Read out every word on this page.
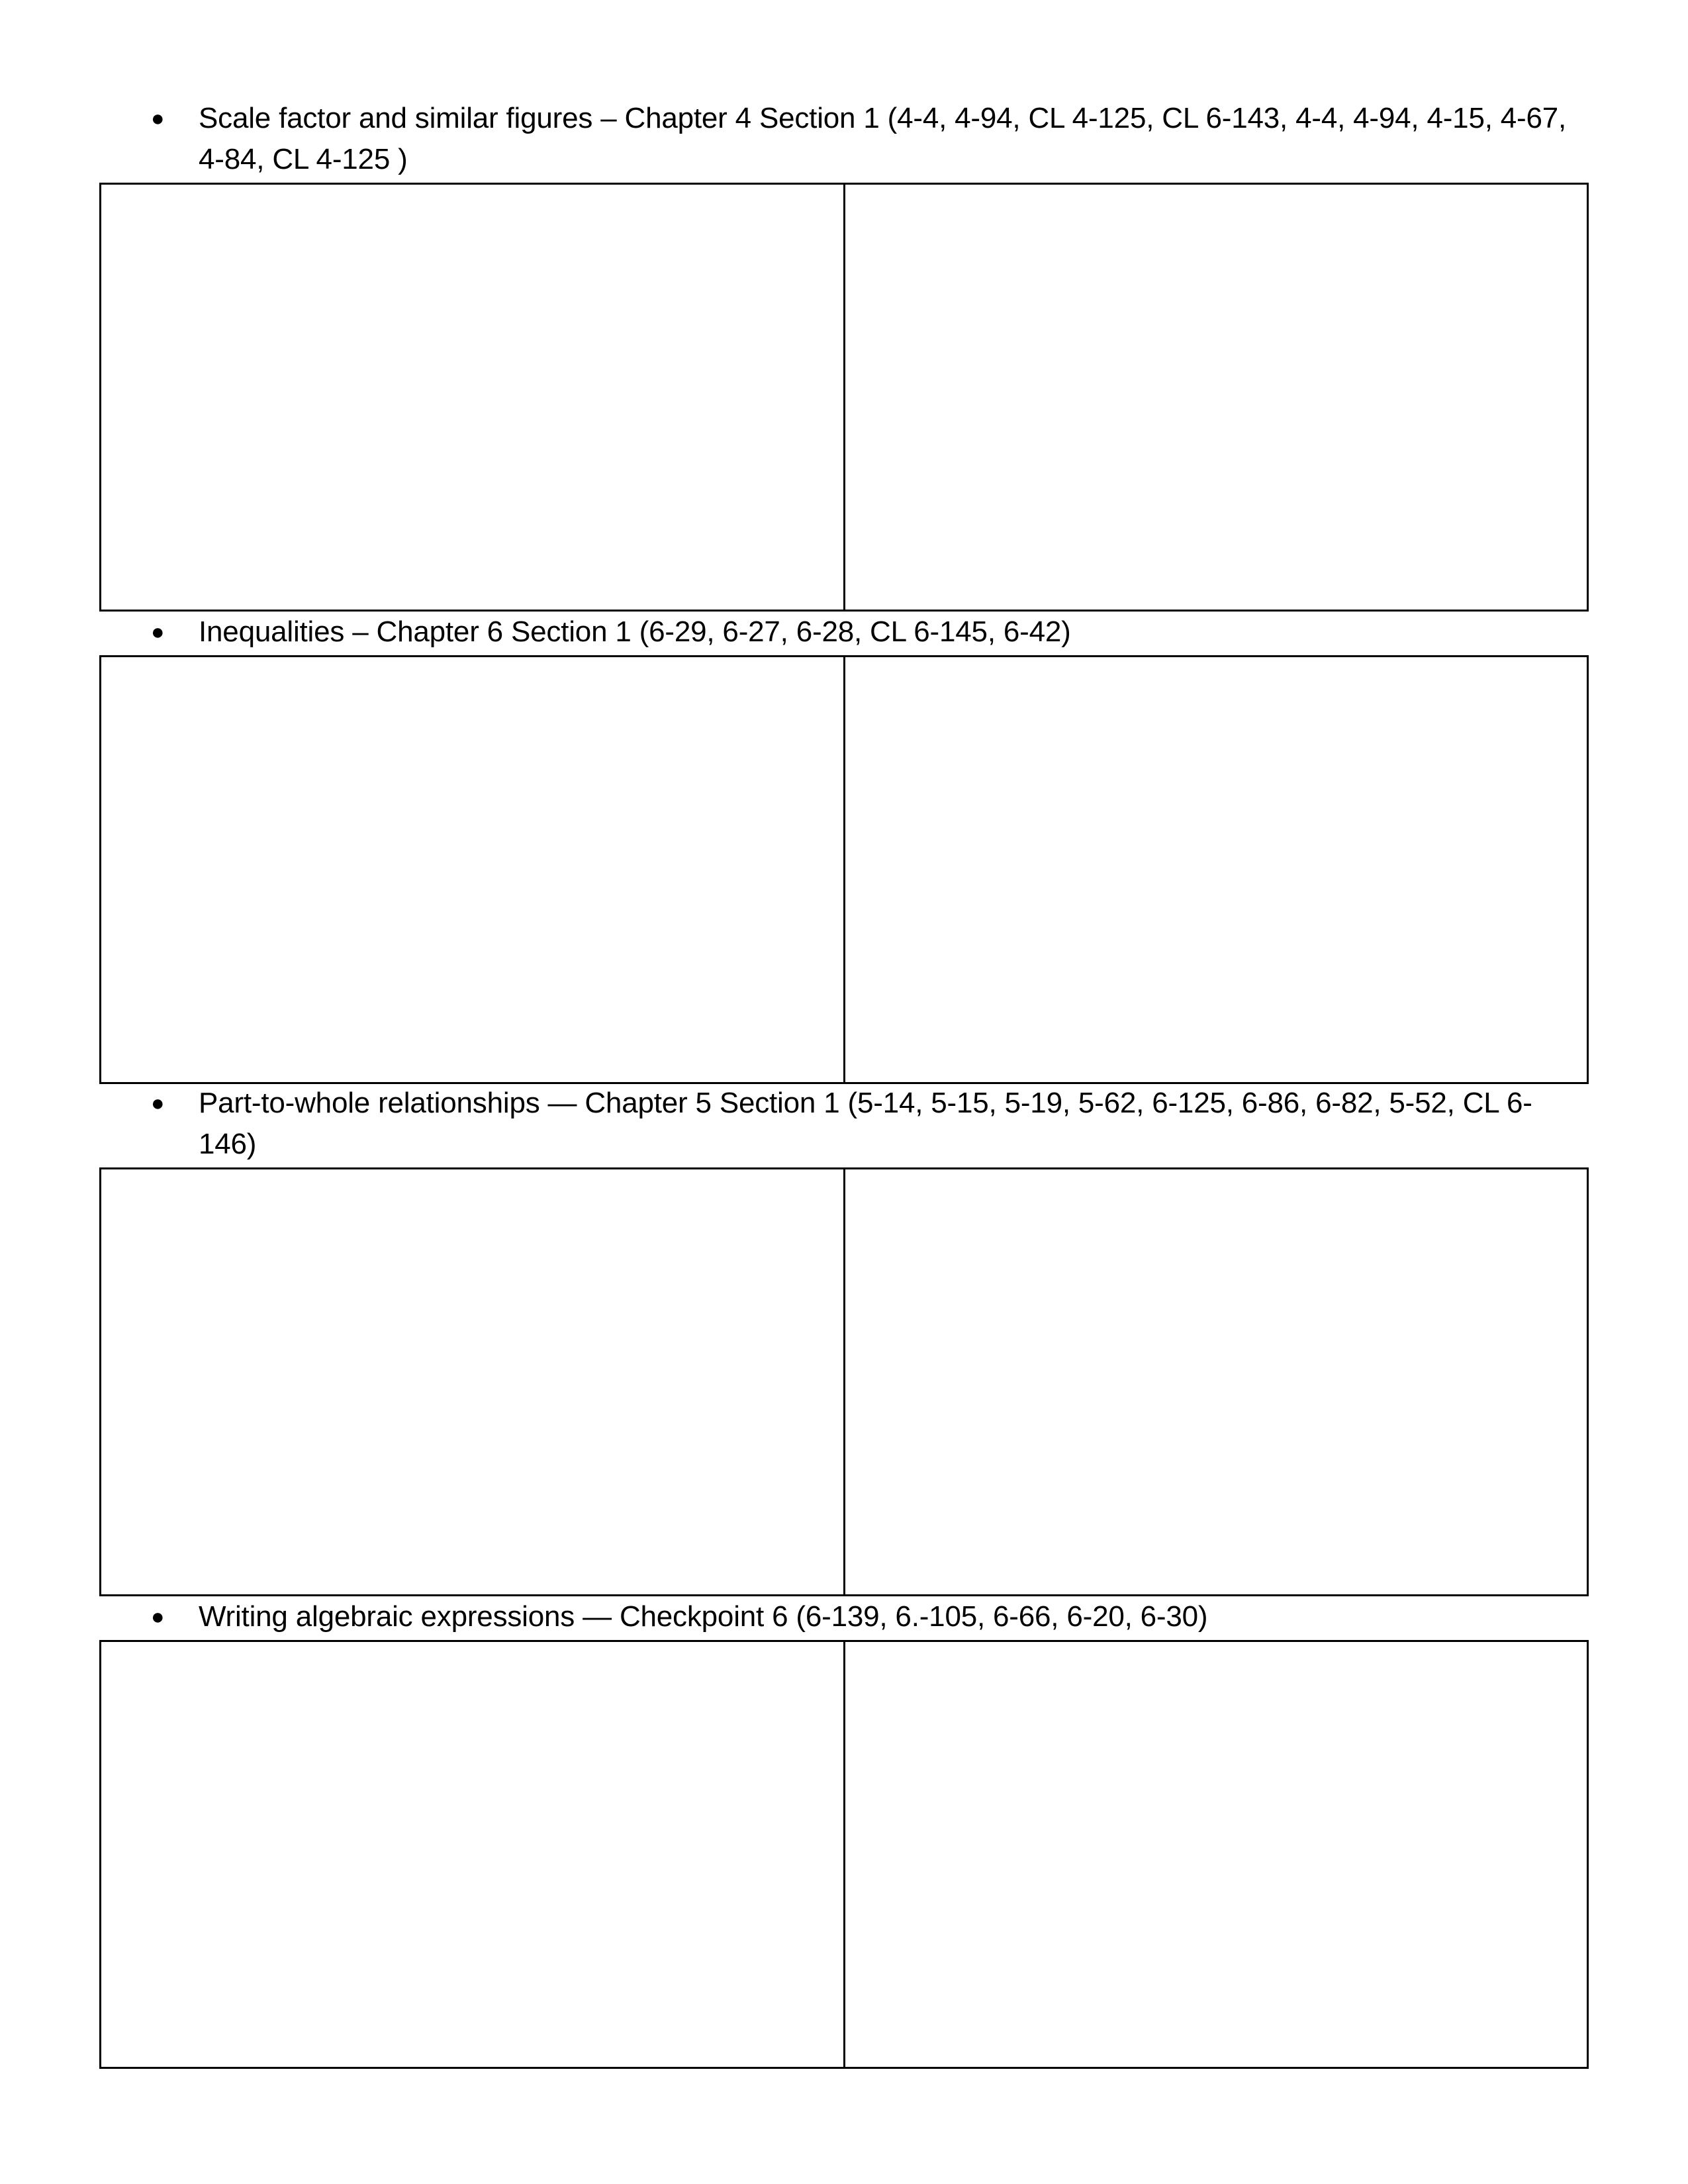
● Scale factor and similar figures – Chapter 4 Section 1 (4-4, 4-94, CL 4-125, CL 6-143, 4-4, 4-94, 4-15, 4-67, 4-84, CL 4-125 )
● Inequalities – Chapter 6 Section 1 (6-29, 6-27, 6-28, CL 6-145, 6-42)
● Part-to-whole relationships — Chapter 5 Section 1 (5-14, 5-15, 5-19, 5-62, 6-125, 6-86, 6-82, 5-52, CL 6-146)
● Writing algebraic expressions — Checkpoint 6 (6-139, 6.-105, 6-66, 6-20, 6-30)
